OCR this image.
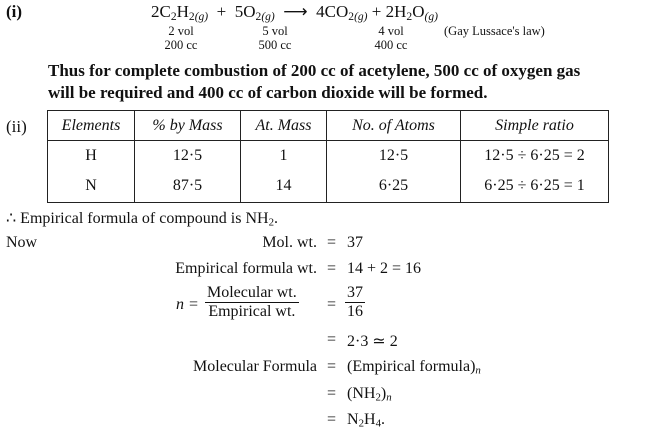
(i)	$2C_2H_{2(g)} + 5O_{2(g)}$ ⟶ $4CO_{2(g)} + 2H_2O_{(g)}$
2 vol
200 cc
5 vol
500 cc
4 vol
400 cc
(Gay Lussace's law)
Thus for complete combustion of 200 cc of acetylene, 500 cc of oxygen gas
will be required and 400 cc of carbon dioxide will be formed.
(ii) Elements	% by Mass	At. Mass	No. of Atoms	Simple ratio
H	12·5	1	12·5	12·5 ÷ 6·25 = 2
N	87·5	14	6·25	6·25 ÷ 6·25 = 1
∴ Empirical formula of compound is $NH_2$.
Now	Mol. wt. = 37
Empirical formula wt. = 14 + 2 = 16
n =
Molecular wt.
Empirical wt. = $\frac{37}{16}$
= 2·3 ≃ 2
Molecular Formula = (Empirical $formula)_n$
= $(NH_2)_n$
= $N_2H_4$.
